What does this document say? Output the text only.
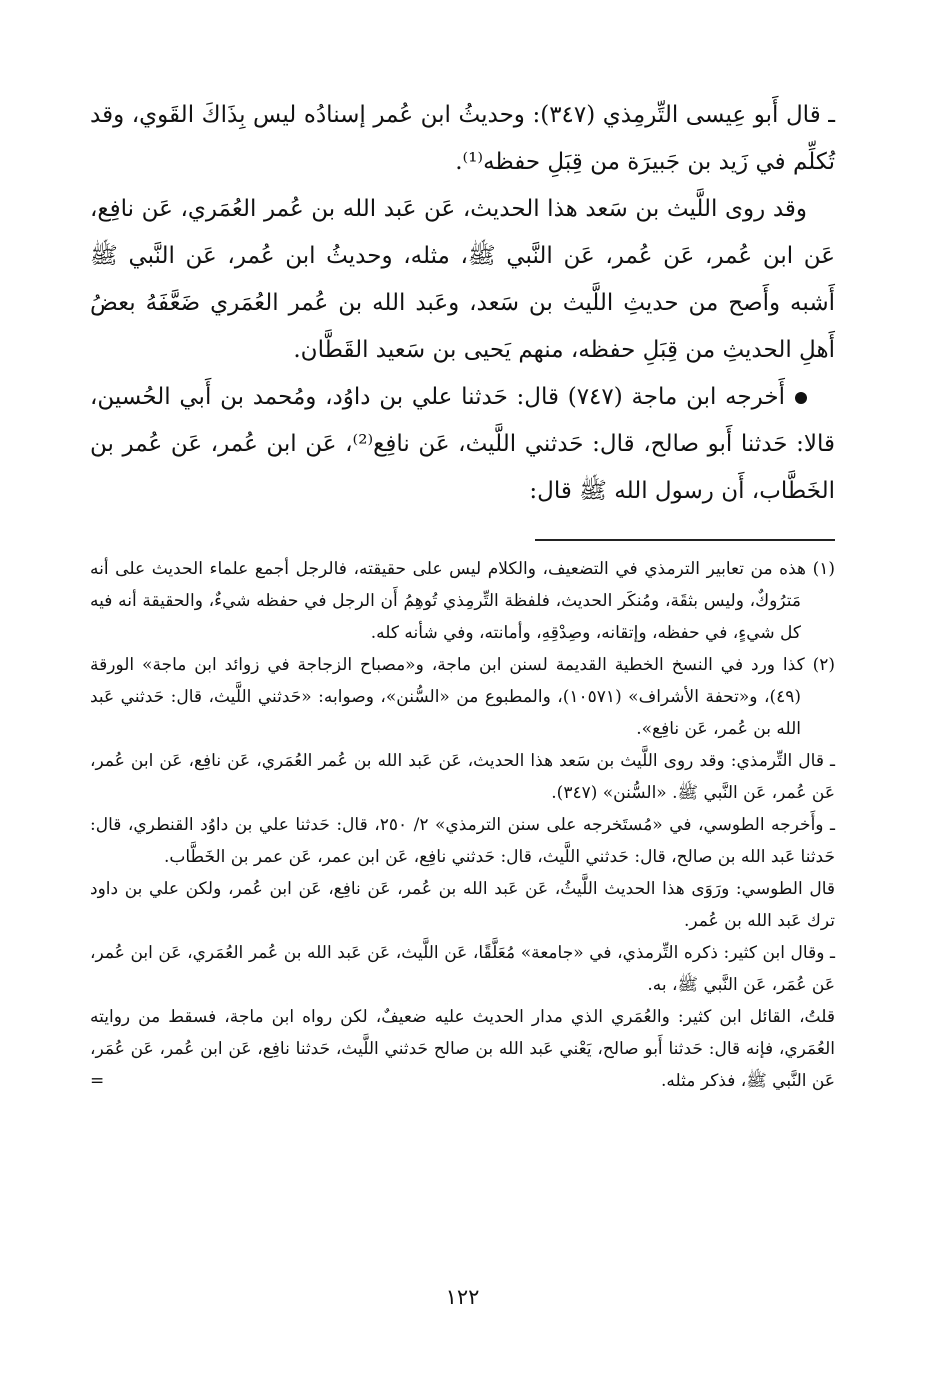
ـ قال أَبو عِيسى التِّرمِذي (٣٤٧): وحديثُ ابن عُمر إسنادُه ليس بِذَاكَ القَوي، وقد تُكلِّم في زَيد بن جَبيرَة من قِبَلِ حفظه⁽¹⁾.

وقد روى اللَّيث بن سَعد هذا الحديث، عَن عَبد الله بن عُمر العُمَري، عَن نافِع، عَن ابن عُمر، عَن عُمر، عَن النَّبي ﷺ، مثله، وحديثُ ابن عُمر، عَن النَّبي ﷺ أَشبه وأَصح من حديثِ اللَّيث بن سَعد، وعَبد الله بن عُمر العُمَري ضَعَّفَهُ بعضُ أَهلِ الحديثِ من قِبَلِ حفظه، منهم يَحيى بن سَعيد القَطَّان.

أَخرجه ابن ماجة (٧٤٧) قال: حَدثنا علي بن داوُد، ومُحمد بن أَبي الحُسين، قالا: حَدثنا أَبو صالح، قال: حَدثني اللَّيث، عَن نافِع⁽²⁾، عَن ابن عُمر، عَن عُمر بن الخَطَّاب، أَن رسول الله ﷺ قال:

(١) هذه من تعابير الترمذي في التضعيف، والكلام ليس على حقيقته، فالرجل أجمع علماء الحديث على أنه مَترُوكٌ، وليس بثقَة، ومُنكَر الحديث، فلفظة التِّرمِذي تُوهِمُ أَن الرجل في حفظه شيءٌ، والحقيقة أنه فيه كل شيءٍ، في حفظه، وإتقانه، وصِدْقِهِ، وأمانته، وفي شأنه كله.

(٢) كذا ورد في النسخ الخطية القديمة لسنن ابن ماجة، و«مصباح الزجاجة في زوائد ابن ماجة» الورقة (٤٩)، و«تحفة الأشراف» (١٠٥٧١)، والمطبوع من «السُّنن»، وصوابه: «حَدثني اللَّيث، قال: حَدثني عَبد الله بن عُمر، عَن نافِع».

ـ قال التِّرمذي: وقد روى اللَّيث بن سَعد هذا الحديث، عَن عَبد الله بن عُمر العُمَري، عَن نافِع، عَن ابن عُمر، عَن عُمر، عَن النَّبي ﷺ. «السُّنن» (٣٤٧).

ـ وأَخرجه الطوسي، في «مُستَخرجه على سنن الترمذي» ٢/ ٢٥٠، قال: حَدثنا علي بن داوُد القنطري، قال: حَدثنا عَبد الله بن صالح، قال: حَدثني اللَّيث، قال: حَدثني نافِع، عَن ابن عمر، عَن عمر بن الخَطَّاب.

قال الطوسي: ورَوَى هذا الحديث اللَّيثُ، عَن عَبد الله بن عُمر، عَن نافِع، عَن ابن عُمر، ولكن علي بن داود ترك عَبد الله بن عُمر.

ـ وقال ابن كثير: ذكره التِّرمذي، في «جامعة» مُعَلَّقًا، عَن اللَّيث، عَن عَبد الله بن عُمر العُمَري، عَن ابن عُمر، عَن عُمَر، عَن النَّبي ﷺ، به.

قلتُ، القائل ابن كثير: والعُمَري الذي مدار الحديث عليه ضعيفٌ، لكن رواه ابن ماجة، فسقط من روايته العُمَري، فإنه قال: حَدثنا أَبو صالح، يَعْني عَبد الله بن صالح حَدثني اللَّيث، حَدثنا نافِع، عَن ابن عُمر، عَن عُمَر، عَن النَّبي ﷺ، فذكر مثله.

=
١٢٢
